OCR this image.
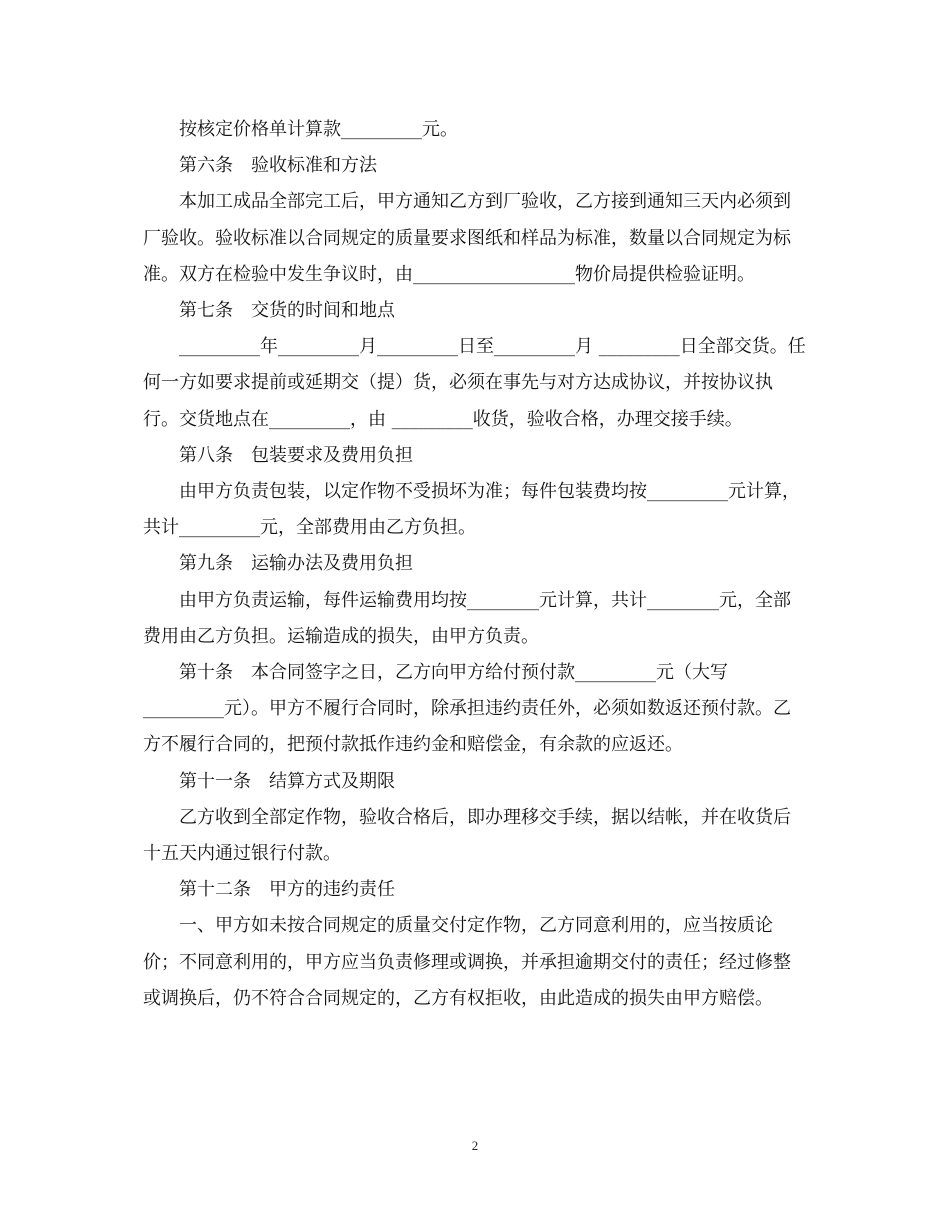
按核定价格单计算款_________元。

第六条　验收标准和方法

本加工成品全部完工后，甲方通知乙方到厂验收，乙方接到通知三天内必须到厂验收。验收标准以合同规定的质量要求图纸和样品为标准，数量以合同规定为标准。双方在检验中发生争议时，由__________________物价局提供检验证明。

第七条　交货的时间和地点

_________年_________月_________日至_________月 _________日全部交货。任何一方如要求提前或延期交（提）货，必须在事先与对方达成协议，并按协议执行。交货地点在_________，由 _________收货，验收合格，办理交接手续。

第八条　包装要求及费用负担

由甲方负责包装，以定作物不受损坏为准；每件包装费均按_________元计算，共计_________元，全部费用由乙方负担。

第九条　运输办法及费用负担

由甲方负责运输，每件运输费用均按________元计算，共计________元，全部费用由乙方负担。运输造成的损失，由甲方负责。

第十条　本合同签字之日，乙方向甲方给付预付款_________元（大写_________元）。甲方不履行合同时，除承担违约责任外，必须如数返还预付款。乙方不履行合同的，把预付款抵作违约金和赔偿金，有余款的应返还。

第十一条　结算方式及期限

乙方收到全部定作物，验收合格后，即办理移交手续，据以结帐，并在收货后十五天内通过银行付款。

第十二条　甲方的违约责任

一、甲方如未按合同规定的质量交付定作物，乙方同意利用的，应当按质论价；不同意利用的，甲方应当负责修理或调换，并承担逾期交付的责任；经过修整或调换后，仍不符合合同规定的，乙方有权拒收，由此造成的损失由甲方赔偿。

2
